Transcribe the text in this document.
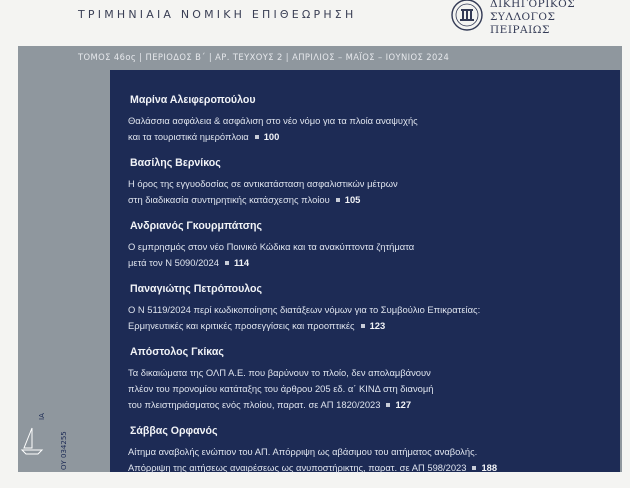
ΤΡΙΜΗΝΙΑΙΑ ΝΟΜΙΚΗ ΕΠΙΘΕΩΡΗΣΗ
ΔΙΚΗΓΟΡΙΚΟΣ
ΣΥΛΛΟΓΟΣ
ΠΕΙΡΑΙΩΣ
ΤΟΜΟΣ 46ος | ΠΕΡΙΟΔΟΣ Β΄ | ΑΡ. ΤΕΥΧΟΥΣ 2 | ΑΠΡΙΛΙΟΣ – ΜΑΪΟΣ – ΙΟΥΝΙΟΣ 2024
Μαρίνα Αλειφεροπούλου
Θαλάσσια ασφάλεια & ασφάλιση στο νέο νόμο για τα πλοία αναψυχής
και τα τουριστικά ημερόπλοια 100
Βασίλης Βερνίκος
Η όρος της εγγυοδοσίας σε αντικατάσταση ασφαλιστικών μέτρων
στη διαδικασία συντηρητικής κατάσχεσης πλοίου 105
Ανδριανός Γκουρμπάτσης
Ο εμπρησμός στον νέο Ποινικό Κώδικα και τα ανακύπτοντα ζητήματα
μετά τον Ν 5090/2024 114
Παναγιώτης Πετρόπουλος
Ο Ν 5119/2024 περί κωδικοποίησης διατάξεων νόμων για το Συμβούλιο Επικρατείας:
Ερμηνευτικές και κριτικές προσεγγίσεις και προοπτικές 123
Απόστολος Γκίκας
Τα δικαιώματα της ΟΛΠ Α.Ε. που βαρύνουν το πλοίο, δεν απολαμβάνουν
πλέον του προνομίου κατάταξης του άρθρου 205 εδ. α΄ ΚΙΝΔ στη διανομή
του πλειστηριάσματος ενός πλοίου, παρατ. σε ΑΠ 1820/2023 127
Σάββας Ορφανός
Αίτημα αναβολής ενώπιον του ΑΠ. Απόρριψη ως αβάσιμου του αιτήματος αναβολής.
Απόρριψη της αιτήσεως αναιρέσεως ως ανυποστήρικτης, παρατ. σε ΑΠ 598/2023 188
ΙΑ
ΟΥ 034255
